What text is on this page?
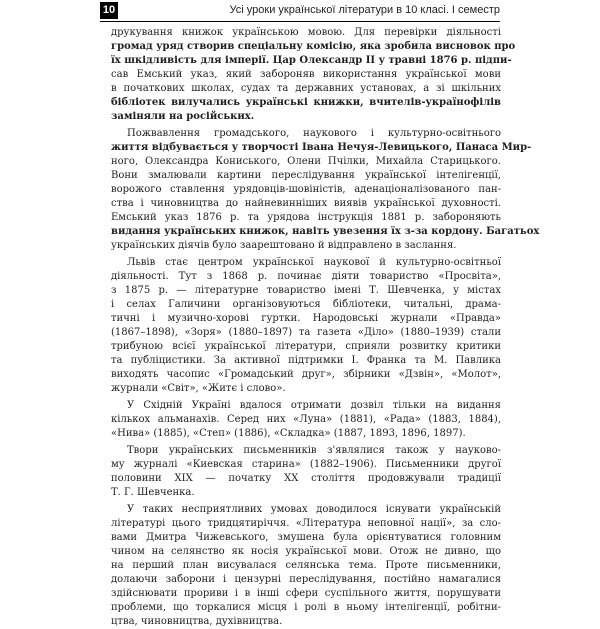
10	Усі уроки української літератури в 10 класі. І семестр
друкування книжок українською мовою. Для перевірки діяльності
громад уряд створив спеціальну комісію, яка зробила висновок про
їх шкідливість для імперії. Цар Олександр ІІ у травні 1876 р. підпи-
сав Емський указ, який забороняв використання української мови
в початкових школах, судах та державних установах, а зі шкільних
бібліотек вилучались українські книжки, вчителів-українофілів
заміняли на російських.
Пожвавлення громадського, наукового і культурно-освітнього
життя відбувається у творчості Івана Нечуя-Левицького, Панаса Мир-
ного, Олександра Кониського, Олени Пчілки, Михайла Старицького.
Вони змалювали картини переслідування української інтелігенції,
ворожого ставлення урядовців-шовіністів, аденаціоналізованого пан-
ства і чиновництва до найневинніших виявів української духовності.
Емський указ 1876 р. та урядова інструкція 1881 р. забороняють
видання українських книжок, навіть увезення їх з-за кордону. Багатьох
українських діячів було заарештовано й відправлено в заслання.
Львів стає центром української наукової й культурно-освітньої
діяльності. Тут з 1868 р. починає діяти товариство «Просвіта»,
з 1875 р. — літературне товариство імені Т. Шевченка, у містах
і селах Галичини організовуються бібліотеки, читальні, драма-
тичні і музично-хорові гуртки. Народовські журнали «Правда»
(1867–1898), «Зоря» (1880–1897) та газета «Діло» (1880–1939) стали
трибуною всієї української літератури, сприяли розвитку критики
та публіцистики. За активної підтримки І. Франка та М. Павлика
виходять часопис «Громадський друг», збірники «Дзвін», «Молот»,
журнали «Світ», «Житє і слово».
У Східній Україні вдалося отримати дозвіл тільки на видання
кількох альманахів. Серед них «Луна» (1881), «Рада» (1883, 1884),
«Нива» (1885), «Степ» (1886), «Складка» (1887, 1893, 1896, 1897).
Твори українських письменників з'являлися також у науково-
му журналі «Киевская старина» (1882–1906). Письменники другої
половини XIX — початку XX століття продовжували традиції
Т. Г. Шевченка.
У таких несприятливих умовах доводилося існувати українській
літературі цього тридцятиріччя. «Література неповної нації», за сло-
вами Дмитра Чижевського, змушена була орієнтуватися головним
чином на селянство як носія української мови. Отож не дивно, що
на перший план висувалася селянська тема. Проте письменники,
долаючи заборони і цензурні переслідування, постійно намагалися
здійснювати прориви і в інші сфери суспільного життя, порушувати
проблеми, що торкалися місця і ролі в ньому інтелігенції, робітни-
цтва, чиновництва, духівництва.
